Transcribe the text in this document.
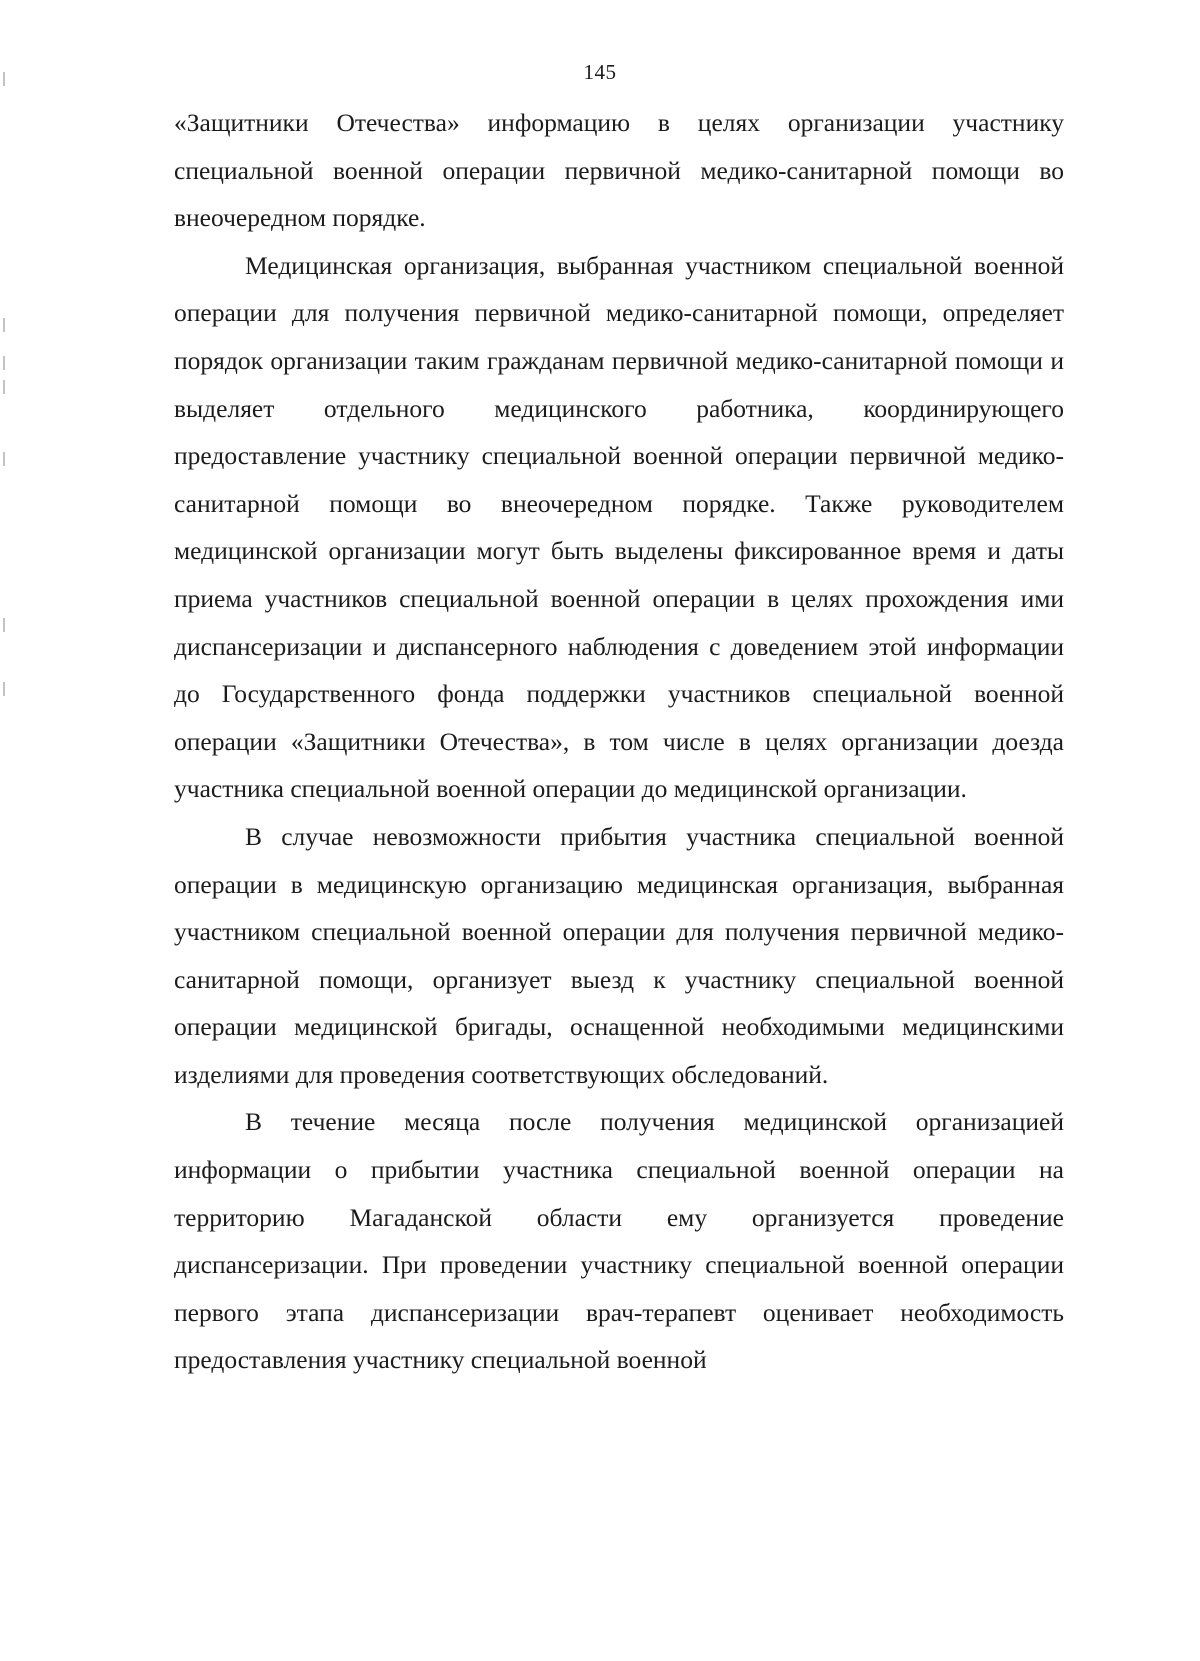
145

«Защитники Отечества» информацию в целях организации участнику специальной военной операции первичной медико-санитарной помощи во внеочередном порядке.

Медицинская организация, выбранная участником специальной военной операции для получения первичной медико-санитарной помощи, определяет порядок организации таким гражданам первичной медико-санитарной помощи и выделяет отдельного медицинского работника, координирующего предоставление участнику специальной военной операции первичной медико-санитарной помощи во внеочередном порядке. Также руководителем медицинской организации могут быть выделены фиксированное время и даты приема участников специальной военной операции в целях прохождения ими диспансеризации и диспансерного наблюдения с доведением этой информации до Государственного фонда поддержки участников специальной военной операции «Защитники Отечества», в том числе в целях организации доезда участника специальной военной операции до медицинской организации.

В случае невозможности прибытия участника специальной военной операции в медицинскую организацию медицинская организация, выбранная участником специальной военной операции для получения первичной медико-санитарной помощи, организует выезд к участнику специальной военной операции медицинской бригады, оснащенной необходимыми медицинскими изделиями для проведения соответствующих обследований.

В течение месяца после получения медицинской организацией информации о прибытии участника специальной военной операции на территорию Магаданской области ему организуется проведение диспансеризации. При проведении участнику специальной военной операции первого этапа диспансеризации врач-терапевт оценивает необходимость предоставления участнику специальной военной
